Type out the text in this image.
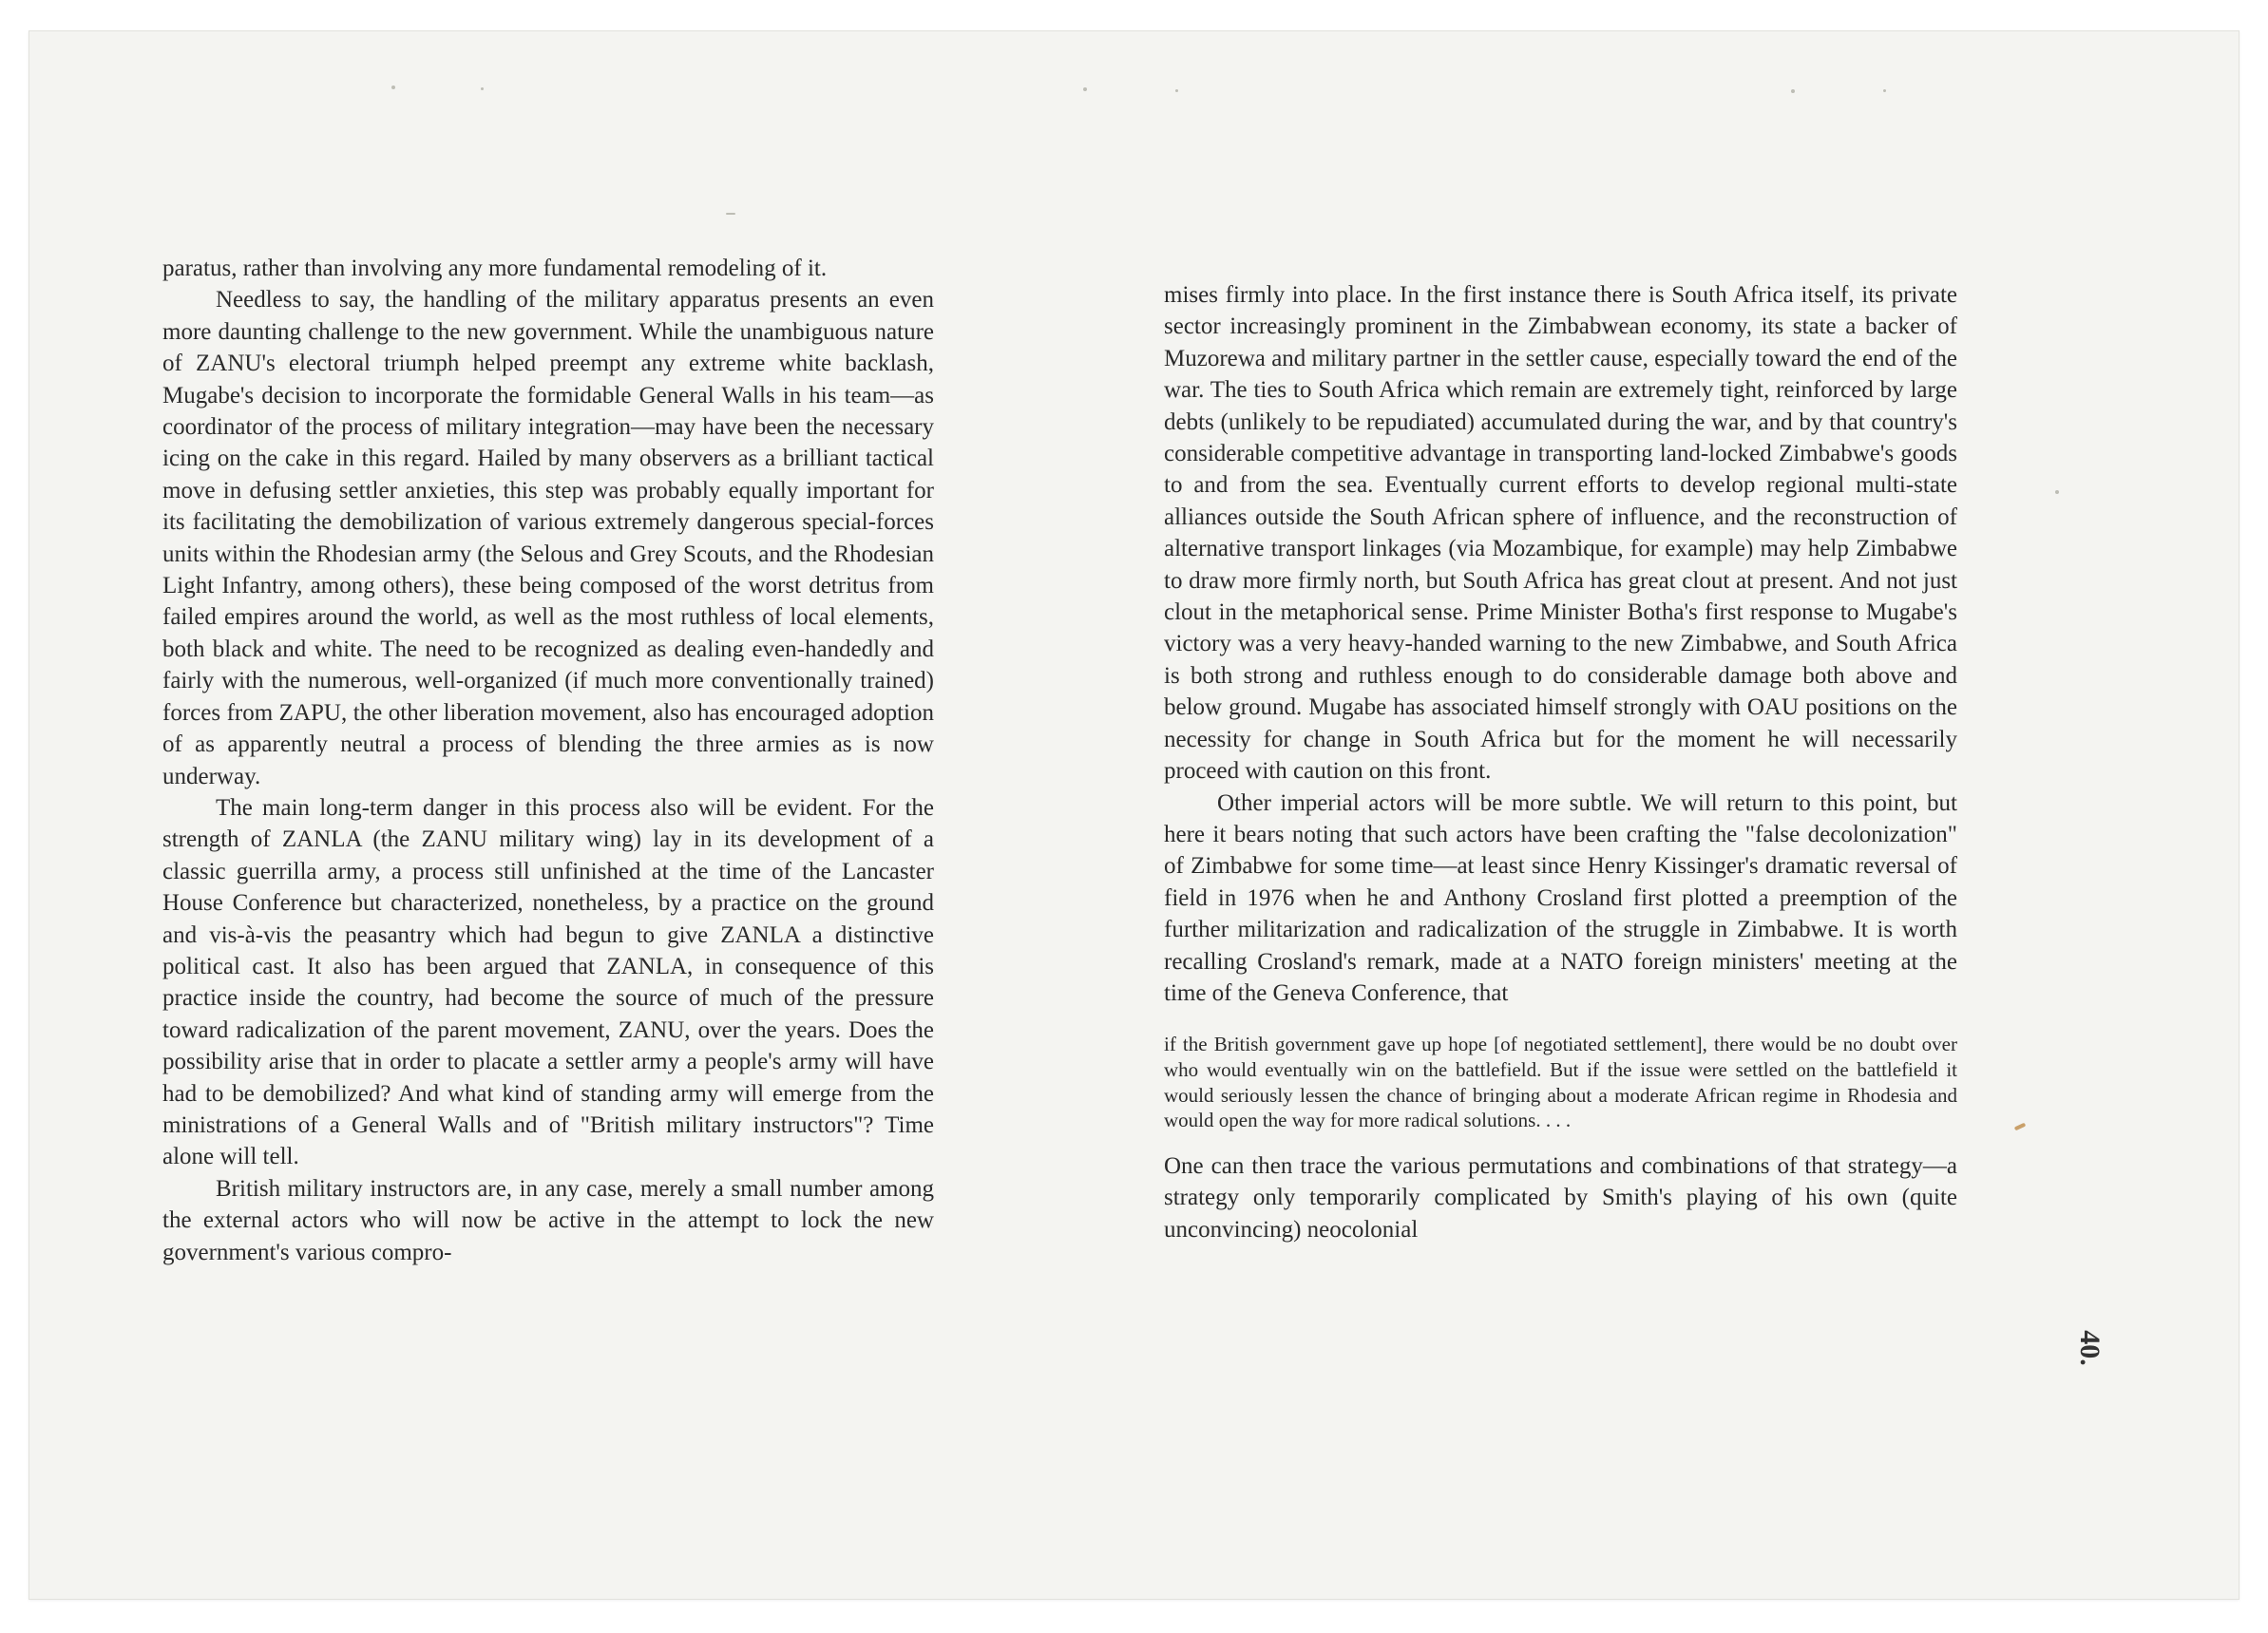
paratus, rather than involving any more fundamental remodeling of it.

Needless to say, the handling of the military apparatus presents an even more daunting challenge to the new government. While the unambiguous nature of ZANU's electoral triumph helped preempt any extreme white backlash, Mugabe's decision to incorporate the formidable General Walls in his team—as coordinator of the process of military integration—may have been the necessary icing on the cake in this regard. Hailed by many observers as a brilliant tactical move in defusing settler anxieties, this step was probably equally important for its facilitating the demobilization of various extremely dangerous special-forces units within the Rhodesian army (the Selous and Grey Scouts, and the Rhodesian Light Infantry, among others), these being composed of the worst detritus from failed empires around the world, as well as the most ruthless of local elements, both black and white. The need to be recognized as dealing even-handedly and fairly with the numerous, well-organized (if much more conventionally trained) forces from ZAPU, the other liberation movement, also has encouraged adoption of as apparently neutral a process of blending the three armies as is now underway.

The main long-term danger in this process also will be evident. For the strength of ZANLA (the ZANU military wing) lay in its development of a classic guerrilla army, a process still unfinished at the time of the Lancaster House Conference but characterized, nonetheless, by a practice on the ground and vis-à-vis the peasantry which had begun to give ZANLA a distinctive political cast. It also has been argued that ZANLA, in consequence of this practice inside the country, had become the source of much of the pressure toward radicalization of the parent movement, ZANU, over the years. Does the possibility arise that in order to placate a settler army a people's army will have had to be demobilized? And what kind of standing army will emerge from the ministrations of a General Walls and of "British military instructors"? Time alone will tell.

British military instructors are, in any case, merely a small number among the external actors who will now be active in the attempt to lock the new government's various compro-

mises firmly into place. In the first instance there is South Africa itself, its private sector increasingly prominent in the Zimbabwean economy, its state a backer of Muzorewa and military partner in the settler cause, especially toward the end of the war. The ties to South Africa which remain are extremely tight, reinforced by large debts (unlikely to be repudiated) accumulated during the war, and by that country's considerable competitive advantage in transporting land-locked Zimbabwe's goods to and from the sea. Eventually current efforts to develop regional multi-state alliances outside the South African sphere of influence, and the reconstruction of alternative transport linkages (via Mozambique, for example) may help Zimbabwe to draw more firmly north, but South Africa has great clout at present. And not just clout in the metaphorical sense. Prime Minister Botha's first response to Mugabe's victory was a very heavy-handed warning to the new Zimbabwe, and South Africa is both strong and ruthless enough to do considerable damage both above and below ground. Mugabe has associated himself strongly with OAU positions on the necessity for change in South Africa but for the moment he will necessarily proceed with caution on this front.

Other imperial actors will be more subtle. We will return to this point, but here it bears noting that such actors have been crafting the "false decolonization" of Zimbabwe for some time—at least since Henry Kissinger's dramatic reversal of field in 1976 when he and Anthony Crosland first plotted a preemption of the further militarization and radicalization of the struggle in Zimbabwe. It is worth recalling Crosland's remark, made at a NATO foreign ministers' meeting at the time of the Geneva Conference, that

if the British government gave up hope [of negotiated settlement], there would be no doubt over who would eventually win on the battlefield. But if the issue were settled on the battlefield it would seriously lessen the chance of bringing about a moderate African regime in Rhodesia and would open the way for more radical solutions. . . .

One can then trace the various permutations and combinations of that strategy—a strategy only temporarily complicated by Smith's playing of his own (quite unconvincing) neocolonial

40.
